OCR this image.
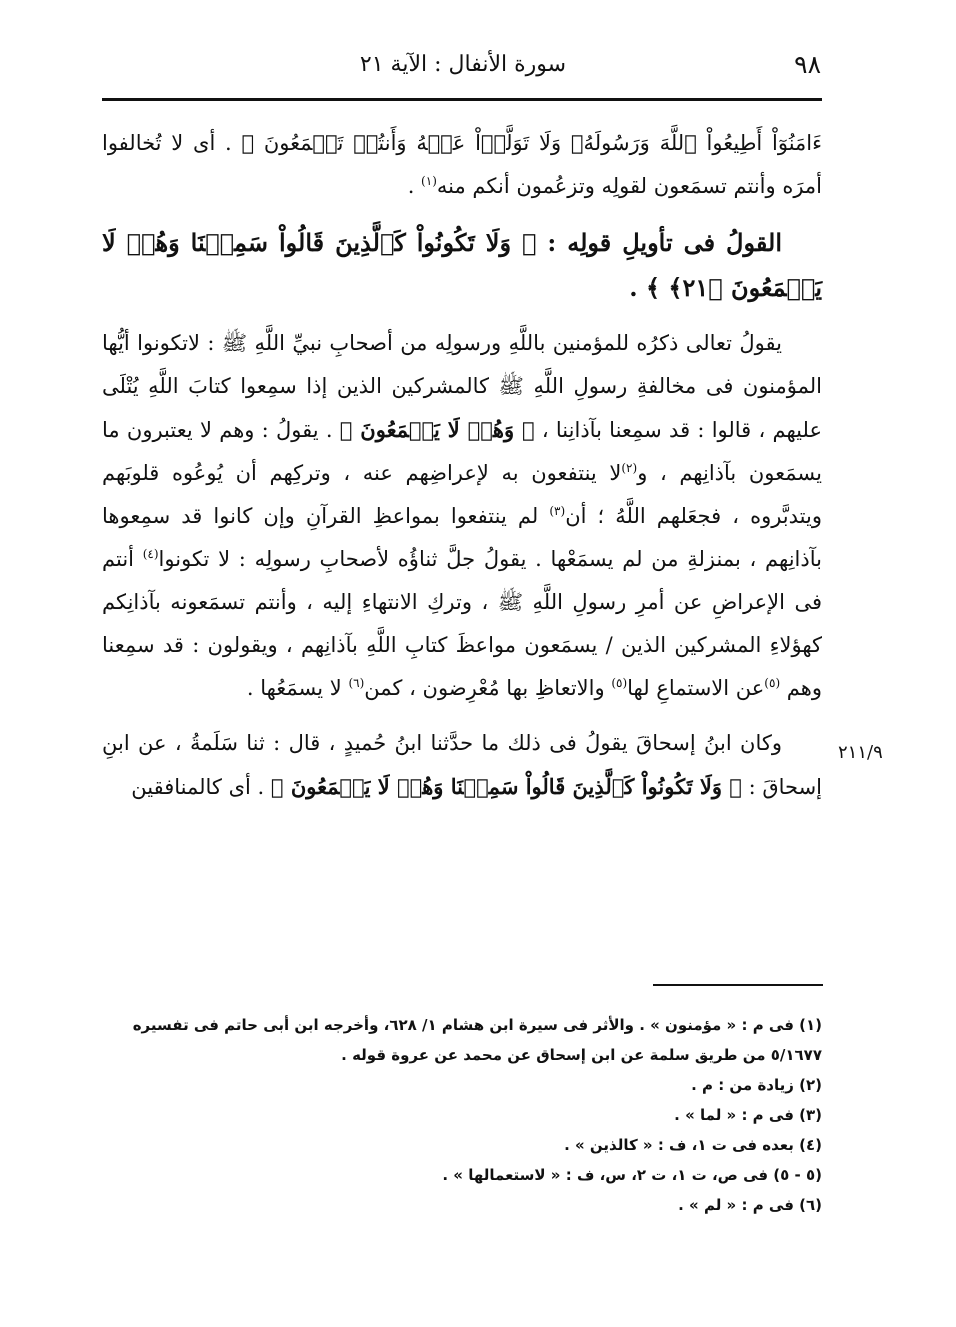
٩٨
سورة الأنفال : الآية ٢١

ءَامَنُوٓاْ أَطِيعُواْ ٱللَّهَ وَرَسُولَهُۥ وَلَا تَوَلَّوۡاْ عَنۡهُ وَأَنتُمۡ تَسۡمَعُونَ ﴾ . أى لا تُخالفوا أمرَه وأنتم تسمَعون لقولِه وتزعُمون أنكم منه$^{(١)}$ .

القولُ فى تأويلِ قولِه : ﴿ وَلَا تَكُونُواْ كَٱلَّذِينَ قَالُواْ سَمِعۡنَا وَهُمۡ لَا يَسۡمَعُونَ ﴿٢١﴾ ﴾ .

يقولُ تعالى ذكرُه للمؤمنين باللَّهِ ورسولِه من أصحابِ نبيِّ اللَّهِ ﷺ : لاتكونوا أيُّها المؤمنون فى مخالفةِ رسولِ اللَّهِ ﷺ كالمشركين الذين إذا سمِعوا كتابَ اللَّهِ يُتْلَى عليهم ، قالوا : قد سمِعنا بآذانِنا ، ﴿ وَهُمۡ لَا يَسۡمَعُونَ ﴾ . يقولُ : وهم لا يعتبرون ما يسمَعون بآذانِهم ، و$^{(٢)}$لا ينتفعون به لإعراضِهم عنه ، وتركِهم أن يُوعُوه قلوبَهم ويتدبَّروه ، فجعَلهم اللَّهُ ؛ أن$^{(٣)}$ لم ينتفعوا بمواعظِ القرآنِ وإن كانوا قد سمِعوها بآذانِهم ، بمنزلةِ من لم يسمَعْها . يقولُ جلَّ ثناؤُه لأصحابِ رسولِه : لا تكونوا$^{(٤)}$ أنتم فى الإعراضِ عن أمرِ رسولِ اللَّهِ ﷺ ، وتركِ الانتهاءِ إليه ، وأنتم تسمَعونه بآذانِكم كهؤلاءِ المشركين الذين / يسمَعون مواعظَ كتابِ اللَّهِ بآذانِهم ، ويقولون : قد سمِعنا وهم $^{(٥)}$عن الاستماعِ لها$^{(٥)}$ والاتعاظِ بها مُعْرِضون ، كمن$^{(٦)}$ لا يسمَعُها .

وكان ابنُ إسحاقَ يقولُ فى ذلك ما حدَّثنا ابنُ حُميدٍ ، قال : ثنا سَلَمةُ ، عن ابنِ إسحاقَ : ﴿ وَلَا تَكُونُواْ كَٱلَّذِينَ قَالُواْ سَمِعۡنَا وَهُمۡ لَا يَسۡمَعُونَ ﴾ . أى كالمنافقين

٢١١/٩

(١) فى م : « مؤمنون » . والأثر فى سيرة ابن هشام ١/ ٦٢٨، وأخرجه ابن أبى حاتم فى تفسيره ٥/١٦٧٧ من طريق سلمة عن ابن إسحاق عن محمد عن عروة قوله .

(٢) زيادة من : م .

(٣) فى م : « لما » .

(٤) بعده فى ت ١، ف : « كالذين » .

(٥ - ٥) فى ص، ت ١، ت ٢، س، ف : « لاستعمالها » .

(٦) فى م : « لم » .
